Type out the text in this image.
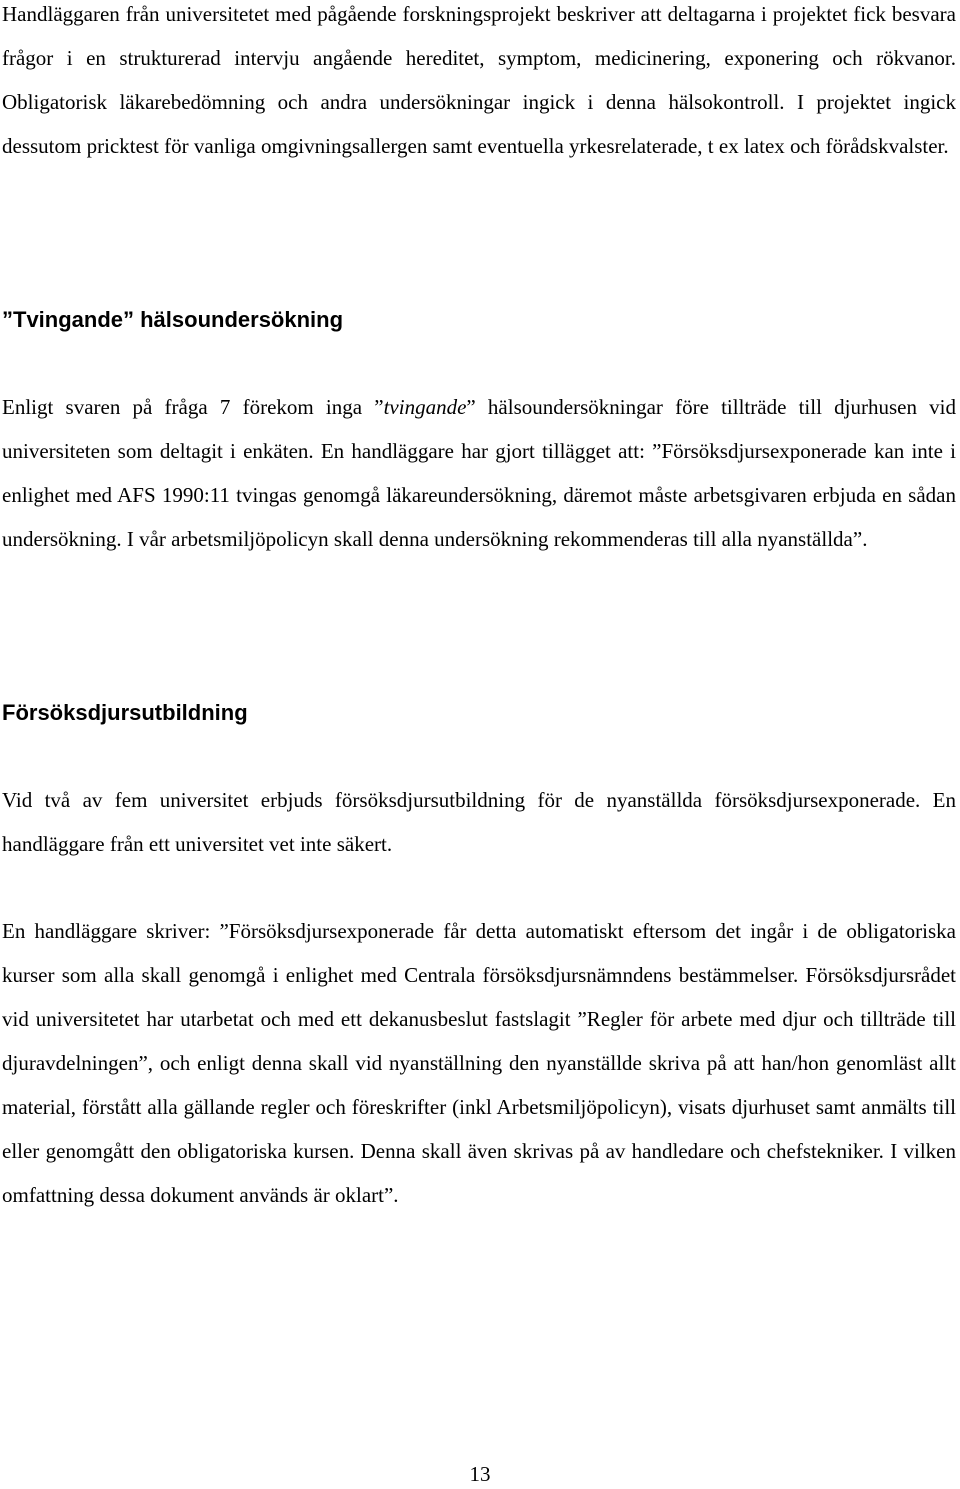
Handläggaren från universitetet med pågående forskningsprojekt beskriver att deltagarna i projektet fick besvara frågor i en strukturerad intervju angående hereditet, symptom, medicinering, exponering och rökvanor. Obligatorisk läkarebedömning och andra undersökningar ingick i denna hälsokontroll. I projektet ingick dessutom pricktest för vanliga omgivningsallergen samt eventuella yrkesrelaterade, t ex latex och förådskvalster.

”Tvingande” hälsoundersökning

Enligt svaren på fråga 7 förekom inga ”tvingande” hälsoundersökningar före tillträde till djurhusen vid universiteten som deltagit i enkäten. En handläggare har gjort tillägget att: ”Försöksdjursexponerade kan inte i enlighet med AFS 1990:11 tvingas genomgå läkareundersökning, däremot måste arbetsgivaren erbjuda en sådan undersökning. I vår arbetsmiljöpolicyn skall denna undersökning rekommenderas till alla nyanställda”.

Försöksdjursutbildning

Vid två av fem universitet erbjuds försöksdjursutbildning för de nyanställda försöksdjursexponerade. En handläggare från ett universitet vet inte säkert.

En handläggare skriver: ”Försöksdjursexponerade får detta automatiskt eftersom det ingår i de obligatoriska kurser som alla skall genomgå i enlighet med Centrala försöksdjursnämndens bestämmelser. Försöksdjursrådet vid universitetet har utarbetat och med ett dekanusbeslut fastslagit ”Regler för arbete med djur och tillträde till djuravdelningen”, och enligt denna skall vid nyanställning den nyanställde skriva på att han/hon genomläst allt material, förstått alla gällande regler och föreskrifter (inkl Arbetsmiljöpolicyn), visats djurhuset samt anmälts till eller genomgått den obligatoriska kursen. Denna skall även skrivas på av handledare och chefstekniker. I vilken omfattning dessa dokument används är oklart”.

13
